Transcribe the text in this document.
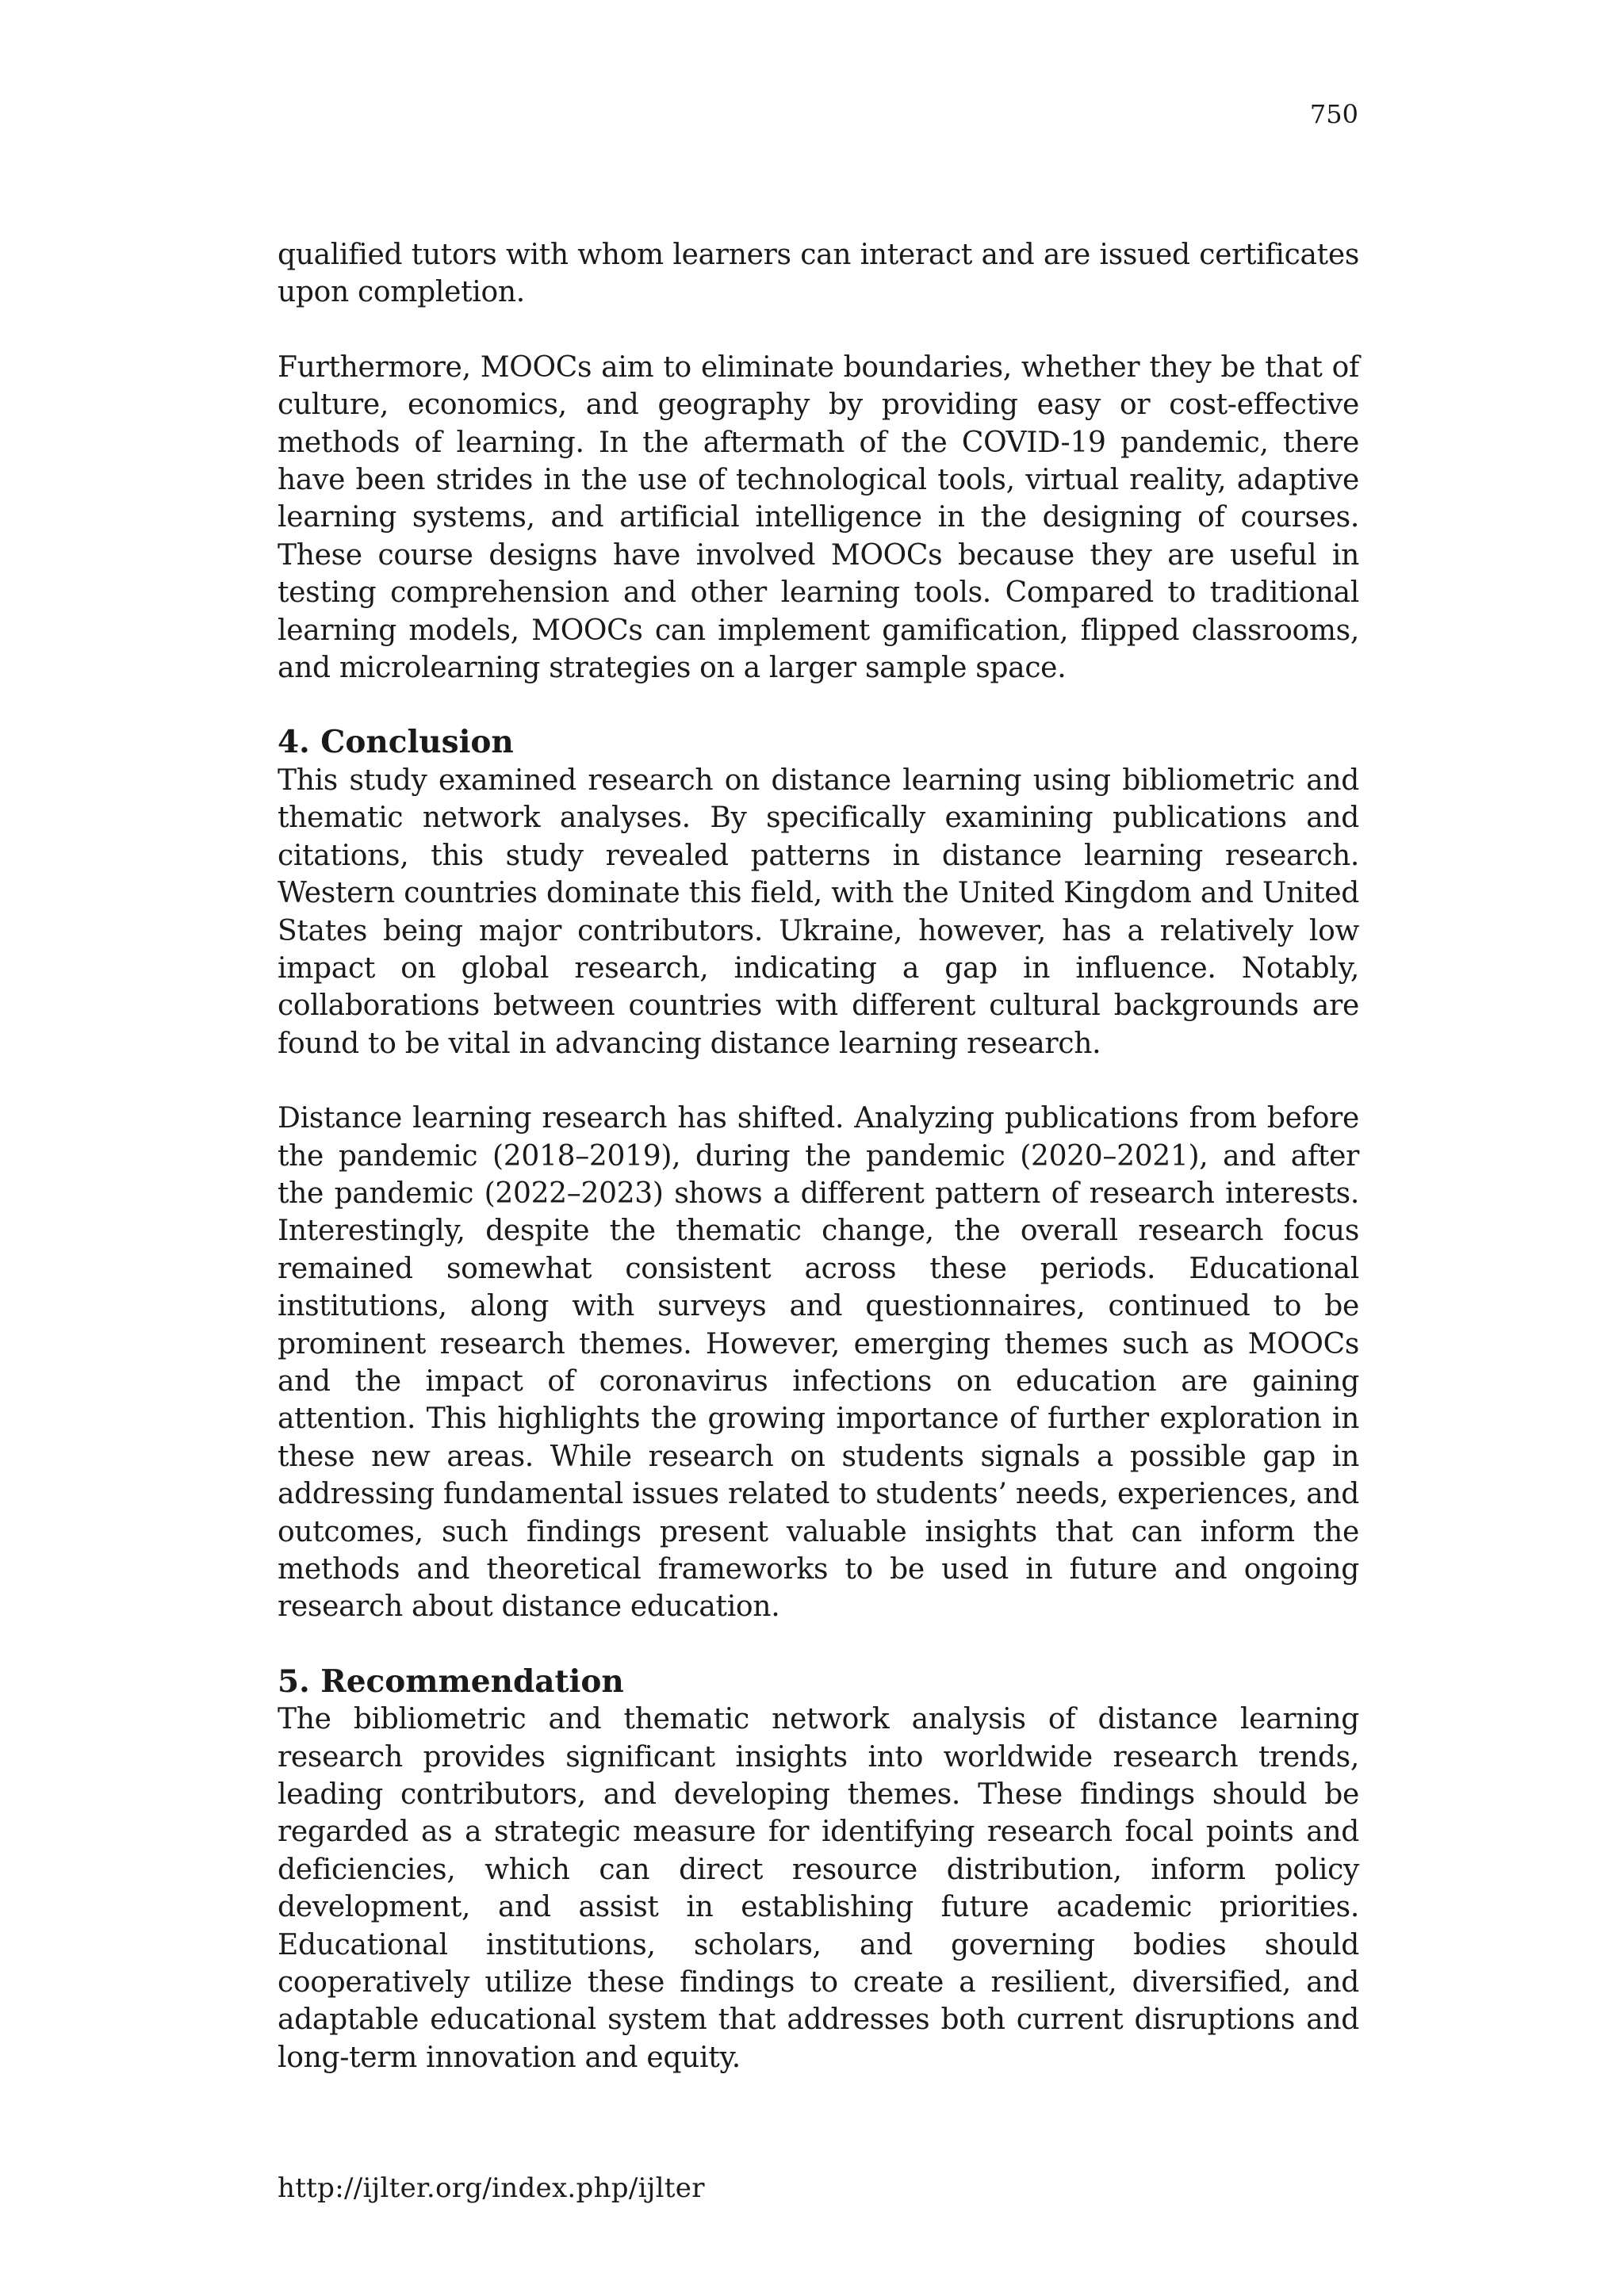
750

qualified tutors with whom learners can interact and are issued certificates upon completion.

Furthermore, MOOCs aim to eliminate boundaries, whether they be that of culture, economics, and geography by providing easy or cost-effective methods of learning. In the aftermath of the COVID-19 pandemic, there have been strides in the use of technological tools, virtual reality, adaptive learning systems, and artificial intelligence in the designing of courses. These course designs have involved MOOCs because they are useful in testing comprehension and other learning tools. Compared to traditional learning models, MOOCs can implement gamification, flipped classrooms, and microlearning strategies on a larger sample space.

4. Conclusion

This study examined research on distance learning using bibliometric and thematic network analyses. By specifically examining publications and citations, this study revealed patterns in distance learning research. Western countries dominate this field, with the United Kingdom and United States being major contributors. Ukraine, however, has a relatively low impact on global research, indicating a gap in influence. Notably, collaborations between countries with different cultural backgrounds are found to be vital in advancing distance learning research.

Distance learning research has shifted. Analyzing publications from before the pandemic (2018–2019), during the pandemic (2020–2021), and after the pandemic (2022–2023) shows a different pattern of research interests. Interestingly, despite the thematic change, the overall research focus remained somewhat consistent across these periods. Educational institutions, along with surveys and questionnaires, continued to be prominent research themes. However, emerging themes such as MOOCs and the impact of coronavirus infections on education are gaining attention. This highlights the growing importance of further exploration in these new areas. While research on students signals a possible gap in addressing fundamental issues related to students’ needs, experiences, and outcomes, such findings present valuable insights that can inform the methods and theoretical frameworks to be used in future and ongoing research about distance education.

5. Recommendation

The bibliometric and thematic network analysis of distance learning research provides significant insights into worldwide research trends, leading contributors, and developing themes. These findings should be regarded as a strategic measure for identifying research focal points and deficiencies, which can direct resource distribution, inform policy development, and assist in establishing future academic priorities. Educational institutions, scholars, and governing bodies should cooperatively utilize these findings to create a resilient, diversified, and adaptable educational system that addresses both current disruptions and long-term innovation and equity.

http://ijlter.org/index.php/ijlter
